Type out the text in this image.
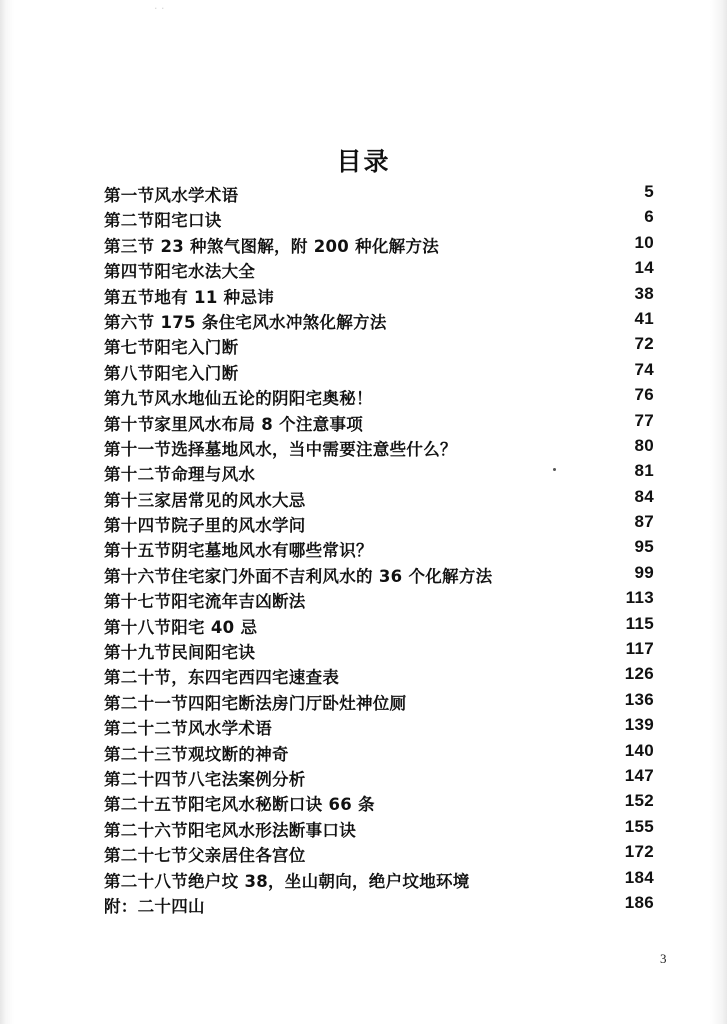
· ·
目录
第一节风水学术语	5
第二节阳宅口诀	6
第三节 23 种煞气图解，附 200 种化解方法	10
第四节阳宅水法大全	14
第五节地有 11 种忌讳	38
第六节 175 条住宅风水冲煞化解方法	41
第七节阳宅入门断	72
第八节阳宅入门断	74
第九节风水地仙五论的阴阳宅奥秘！	76
第十节家里风水布局 8 个注意事项	77
第十一节选择墓地风水，当中需要注意些什么？	80
第十二节命理与风水	81
第十三家居常见的风水大忌	84
第十四节院子里的风水学问	87
第十五节阴宅墓地风水有哪些常识？	95
第十六节住宅家门外面不吉利风水的 36 个化解方法	99
第十七节阳宅流年吉凶断法	113
第十八节阳宅 40 忌	115
第十九节民间阳宅诀	117
第二十节，东四宅西四宅速查表	126
第二十一节四阳宅断法房门厅卧灶神位厕	136
第二十二节风水学术语	139
第二十三节观坟断的神奇	140
第二十四节八宅法案例分析	147
第二十五节阳宅风水秘断口诀 66 条	152
第二十六节阳宅风水形法断事口诀	155
第二十七节父亲居住各宫位	172
第二十八节绝户坟 38，坐山朝向，绝户坟地环境	184
附：二十四山	186
3
